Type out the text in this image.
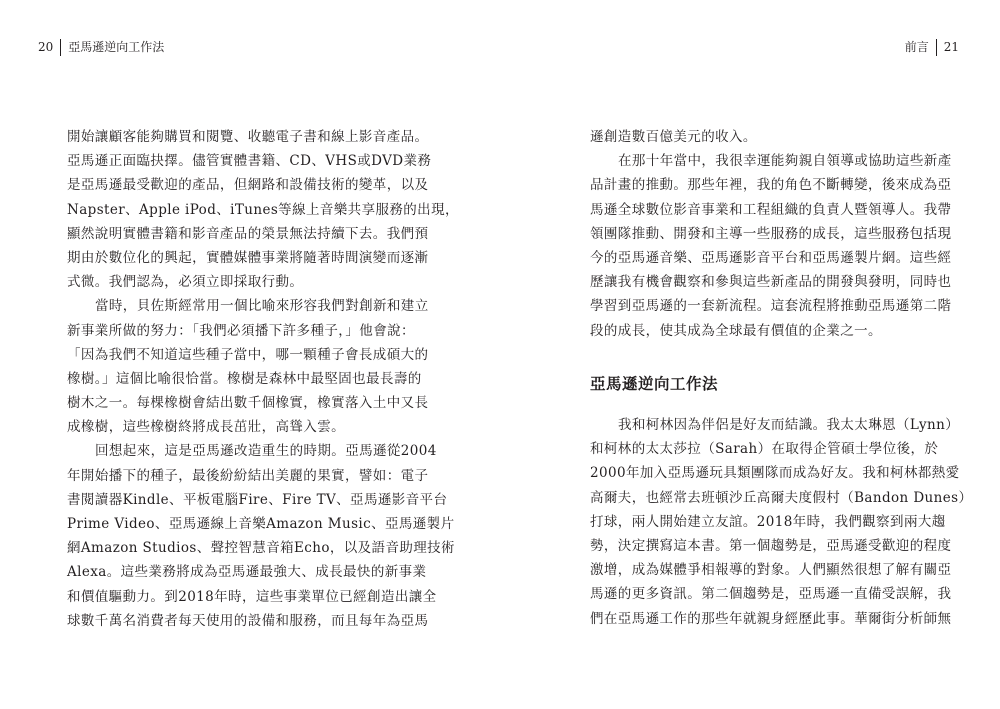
20 亞馬遜逆向工作法
開始讓顧客能夠購買和閱覽、收聽電子書和線上影音產品。
亞馬遜正面臨抉擇。儘管實體書籍、CD、VHS或DVD業務
是亞馬遜最受歡迎的產品，但網路和設備技術的變革，以及
Napster、Apple iPod、iTunes等線上音樂共享服務的出現，
顯然說明實體書籍和影音產品的榮景無法持續下去。我們預
期由於數位化的興起，實體媒體事業將隨著時間演變而逐漸
式微。我們認為，必須立即採取行動。
當時，貝佐斯經常用一個比喻來形容我們對創新和建立
新事業所做的努力：「我們必須播下許多種子，」他會說：
「因為我們不知道這些種子當中，哪一顆種子會長成碩大的
橡樹。」這個比喻很恰當。橡樹是森林中最堅固也最長壽的
樹木之一。每棵橡樹會結出數千個橡實，橡實落入土中又長
成橡樹，這些橡樹終將成長茁壯，高聳入雲。
回想起來，這是亞馬遜改造重生的時期。亞馬遜從2004
年開始播下的種子，最後紛紛結出美麗的果實，譬如：電子
書閱讀器Kindle、平板電腦Fire、Fire TV、亞馬遜影音平台
Prime Video、亞馬遜線上音樂Amazon Music、亞馬遜製片
網Amazon Studios、聲控智慧音箱Echo，以及語音助理技術
Alexa。這些業務將成為亞馬遜最強大、成長最快的新事業
和價值驅動力。到2018年時，這些事業單位已經創造出讓全
球數千萬名消費者每天使用的設備和服務，而且每年為亞馬
前言 21
遜創造數百億美元的收入。
在那十年當中，我很幸運能夠親自領導或協助這些新產
品計畫的推動。那些年裡，我的角色不斷轉變，後來成為亞
馬遜全球數位影音事業和工程組織的負責人暨領導人。我帶
領團隊推動、開發和主導一些服務的成長，這些服務包括現
今的亞馬遜音樂、亞馬遜影音平台和亞馬遜製片網。這些經
歷讓我有機會觀察和參與這些新產品的開發與發明，同時也
學習到亞馬遜的一套新流程。這套流程將推動亞馬遜第二階
段的成長，使其成為全球最有價值的企業之一。
亞馬遜逆向工作法
我和柯林因為伴侶是好友而結識。我太太琳恩（Lynn）
和柯林的太太莎拉（Sarah）在取得企管碩士學位後，於
2000年加入亞馬遜玩具類團隊而成為好友。我和柯林都熱愛
高爾夫，也經常去班頓沙丘高爾夫度假村（Bandon Dunes）
打球，兩人開始建立友誼。2018年時，我們觀察到兩大趨
勢，決定撰寫這本書。第一個趨勢是，亞馬遜受歡迎的程度
激增，成為媒體爭相報導的對象。人們顯然很想了解有關亞
馬遜的更多資訊。第二個趨勢是，亞馬遜一直備受誤解，我
們在亞馬遜工作的那些年就親身經歷此事。華爾街分析師無
